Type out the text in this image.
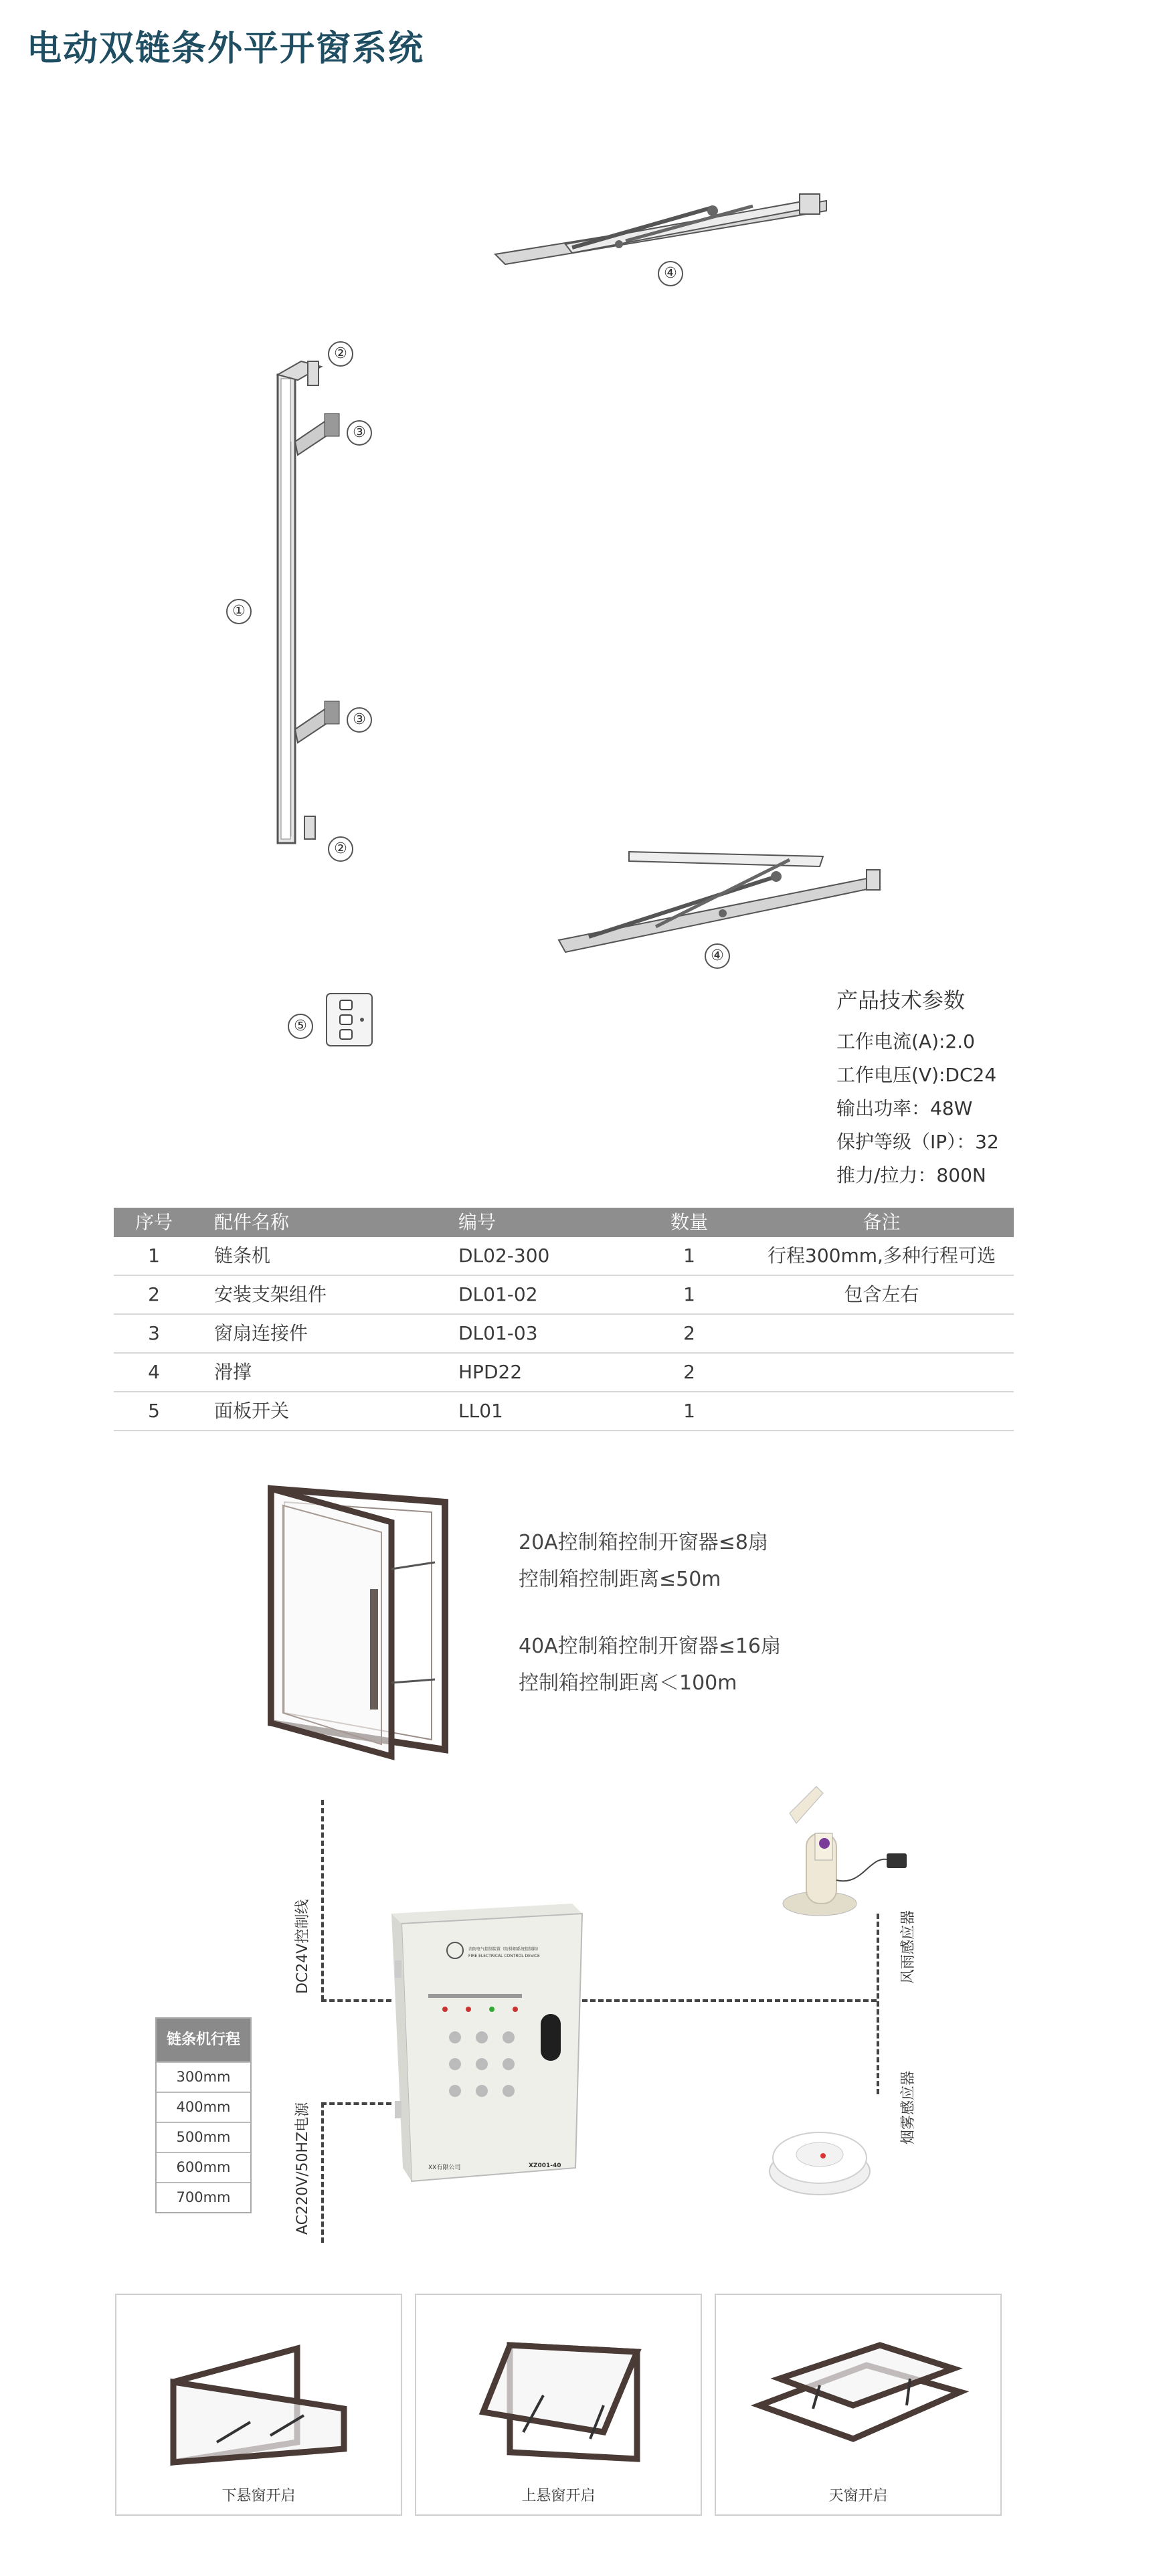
电动双链条外平开窗系统
④
②
③
①
③
②
④
⑤
产品技术参数
工作电流(A):2.0
工作电压(V):DC24
输出功率：48W
保护等级（IP）：32
推力/拉力：800N
序号	配件名称	编号	数量	备注
1	链条机	DL02-300	1	行程300mm,多种行程可选
2	安装支架组件	DL01-02	1	包含左右
3	窗扇连接件	DL01-03	2
4	滑撑	HPD22	2
5	面板开关	LL01	1
20A控制箱控制开窗器≤8扇
控制箱控制距离≤50m
40A控制箱控制开窗器≤16扇
控制箱控制距离＜100m
DC24V控制线
AC220V/50HZ电源
风雨感应器
烟雾感应器
消防电气控制装置（防排烟系统控制箱）
FIRE ELECTRICAL CONTROL DEVICE
XX有限公司	XZ001-40
链条机行程
300mm
400mm
500mm
600mm
700mm
下悬窗开启	上悬窗开启	天窗开启
